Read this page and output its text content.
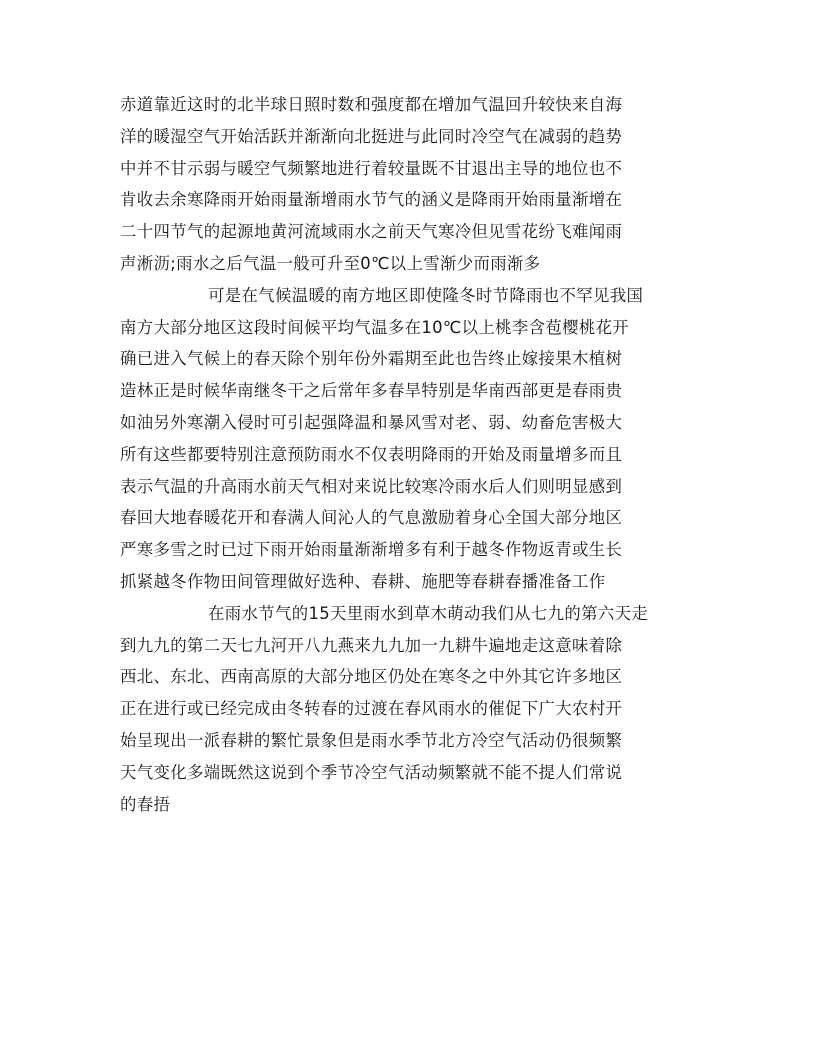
赤道靠近这时的北半球日照时数和强度都在增加气温回升较快来自海
洋的暖湿空气开始活跃并渐渐向北挺进与此同时冷空气在减弱的趋势
中并不甘示弱与暖空气频繁地进行着较量既不甘退出主导的地位也不
肯收去余寒降雨开始雨量渐增雨水节气的涵义是降雨开始雨量渐增在
二十四节气的起源地黄河流域雨水之前天气寒冷但见雪花纷飞难闻雨
声淅沥;雨水之后气温一般可升至0℃以上雪渐少而雨渐多
可是在气候温暖的南方地区即使隆冬时节降雨也不罕见我国
南方大部分地区这段时间候平均气温多在10℃以上桃李含苞樱桃花开
确已进入气候上的春天除个别年份外霜期至此也告终止嫁接果木植树
造林正是时候华南继冬干之后常年多春旱特别是华南西部更是春雨贵
如油另外寒潮入侵时可引起强降温和暴风雪对老、弱、幼畜危害极大
所有这些都要特别注意预防雨水不仅表明降雨的开始及雨量增多而且
表示气温的升高雨水前天气相对来说比较寒冷雨水后人们则明显感到
春回大地春暖花开和春满人间沁人的气息激励着身心全国大部分地区
严寒多雪之时已过下雨开始雨量渐渐增多有利于越冬作物返青或生长
抓紧越冬作物田间管理做好选种、春耕、施肥等春耕春播准备工作
在雨水节气的15天里雨水到草木萌动我们从七九的第六天走
到九九的第二天七九河开八九燕来九九加一九耕牛遍地走这意味着除
西北、东北、西南高原的大部分地区仍处在寒冬之中外其它许多地区
正在进行或已经完成由冬转春的过渡在春风雨水的催促下广大农村开
始呈现出一派春耕的繁忙景象但是雨水季节北方冷空气活动仍很频繁
天气变化多端既然这说到个季节冷空气活动频繁就不能不提人们常说
的春捂
